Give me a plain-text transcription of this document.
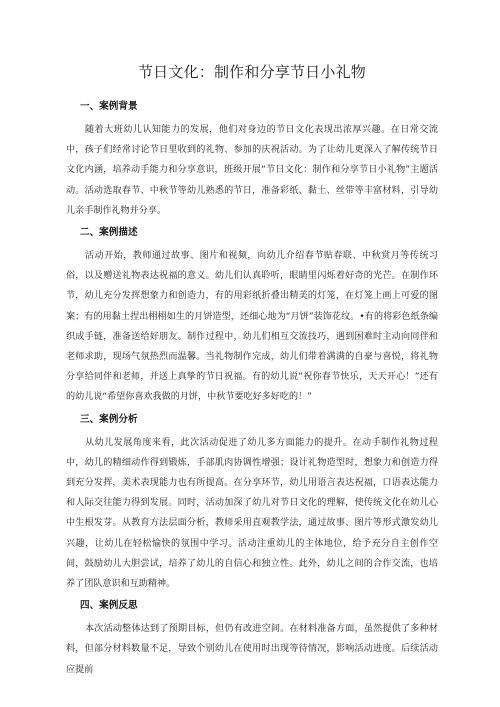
节日文化：制作和分享节日小礼物
一、案例背景
随着大班幼儿认知能力的发展，他们对身边的节日文化表现出浓厚兴趣。在日常交流中，孩子们经常讨论节日里收到的礼物、参加的庆祝活动。为了让幼儿更深入了解传统节日文化内涵，培养动手能力和分享意识，班级开展“节日文化：制作和分享节日小礼物”主题活动。活动选取春节、中秋节等幼儿熟悉的节日，准备彩纸、黏土、丝带等丰富材料，引导幼儿亲手制作礼物并分享。
二、案例描述
活动开始，教师通过故事、图片和视频，向幼儿介绍春节贴春联、中秋赏月等传统习俗，以及赠送礼物表达祝福的意义。幼儿们认真聆听，眼睛里闪烁着好奇的光芒。在制作环节，幼儿充分发挥想象力和创造力，有的用彩纸折叠出精美的灯笼，在灯笼上画上可爱的图案；有的用黏土捏出栩栩如生的月饼造型，还细心地为“月饼”装饰花纹。•有的将彩色纸条编织成手链，准备送给好朋友。制作过程中，幼儿们相互交流技巧，遇到困难时主动向同伴和老师求助，现场气氛热烈而温馨。当礼物制作完成，幼儿们带着满满的自豪与喜悦，将礼物分享给同伴和老师，并送上真挚的节日祝福。有的幼儿说“祝你春节快乐，天天开心！”还有的幼儿说“希望你喜欢我做的月饼，中秋节要吃好多好吃的！”
三、案例分析
从幼儿发展角度来看，此次活动促进了幼儿多方面能力的提升。在动手制作礼物过程中，幼儿的精细动作得到锻炼，手部肌肉协调性增强；设计礼物造型时，想象力和创造力得到充分发挥，美术表现能力也有所提高。在分享环节，幼儿用语言表达祝福，口语表达能力和人际交往能力得到发展。同时，活动加深了幼儿对节日文化的理解，使传统文化在幼儿心中生根发芽。从教育方法层面分析，教师采用直观教学法，通过故事、图片等形式激发幼儿兴趣，让幼儿在轻松愉快的氛围中学习。活动注重幼儿的主体地位，给予充分自主创作空间，鼓励幼儿大胆尝试，培养了幼儿的自信心和独立性。此外，幼儿之间的合作交流，也培养了团队意识和互助精神。
四、案例反思
本次活动整体达到了预期目标，但仍有改进空间。在材料准备方面，虽然提供了多种材料，但部分材料数量不足，导致个别幼儿在使用时出现等待情况，影响活动进度。后续活动应提前
